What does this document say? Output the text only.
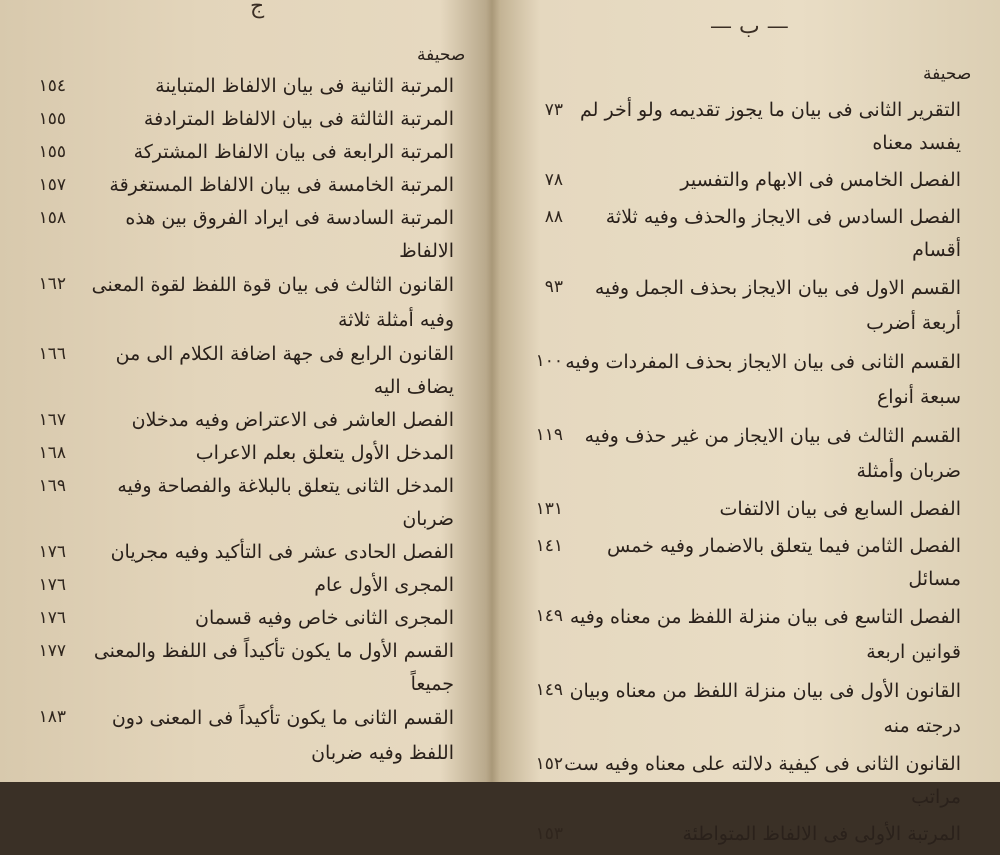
ج
صحيفة
١٥٤	المرتبة الثانية فى بيان الالفاظ المتباينة
١٥٥	المرتبة الثالثة فى بيان الالفاظ المترادفة
١٥٥	المرتبة الرابعة فى بيان الالفاظ المشتركة
١٥٧	المرتبة الخامسة فى بيان الالفاظ المستغرقة
١٥٨	المرتبة السادسة فى ايراد الفروق بين هذه الالفاظ
١٦٢	القانون الثالث فى بيان قوة اللفظ لقوة المعنى وفيه أمثلة ثلاثة
١٦٦	القانون الرابع فى جهة اضافة الكلام الى من يضاف اليه
١٦٧	الفصل العاشر فى الاعتراض وفيه مدخلان
١٦٨	المدخل الأول يتعلق بعلم الاعراب
١٦٩	المدخل الثانى يتعلق بالبلاغة والفصاحة وفيه ضربان
١٧٦	الفصل الحادى عشر فى التأكيد وفيه مجريان
١٧٦	المجرى الأول عام
١٧٦	المجرى الثانى خاص وفيه قسمان
١٧٧	القسم الأول ما يكون تأكيداً فى اللفظ والمعنى جميعاً
١٨٣	القسم الثانى ما يكون تأكيداً فى المعنى دون اللفظ وفيه ضربان
— ب —
صحيفة
٧٣ التقرير الثانى فى بيان ما يجوز تقديمه ولو أخر لم يفسد معناه
٧٨	الفصل الخامس فى الابهام والتفسير
٨٨	الفصل السادس فى الايجاز والحذف وفيه ثلاثة أقسام
٩٣	القسم الاول فى بيان الايجاز بحذف الجمل وفيه أربعة أضرب
١٠٠ القسم الثانى فى بيان الايجاز بحذف المفردات وفيه سبعة أنواع
١١٩	القسم الثالث فى بيان الايجاز من غير حذف وفيه ضربان وأمثلة
١٣١	الفصل السابع فى بيان الالتفات
١٤١	الفصل الثامن فيما يتعلق بالاضمار وفيه خمس مسائل
١٤٩ الفصل التاسع فى بيان منزلة اللفظ من معناه وفيه قوانين اربعة
١٤٩ القانون الأول فى بيان منزلة اللفظ من معناه وبيان درجته منه
١٥٢ القانون الثانى فى كيفية دلالته على معناه وفيه ست مراتب
١٥٣	المرتبة الأولى فى الالفاظ المتواطئة
